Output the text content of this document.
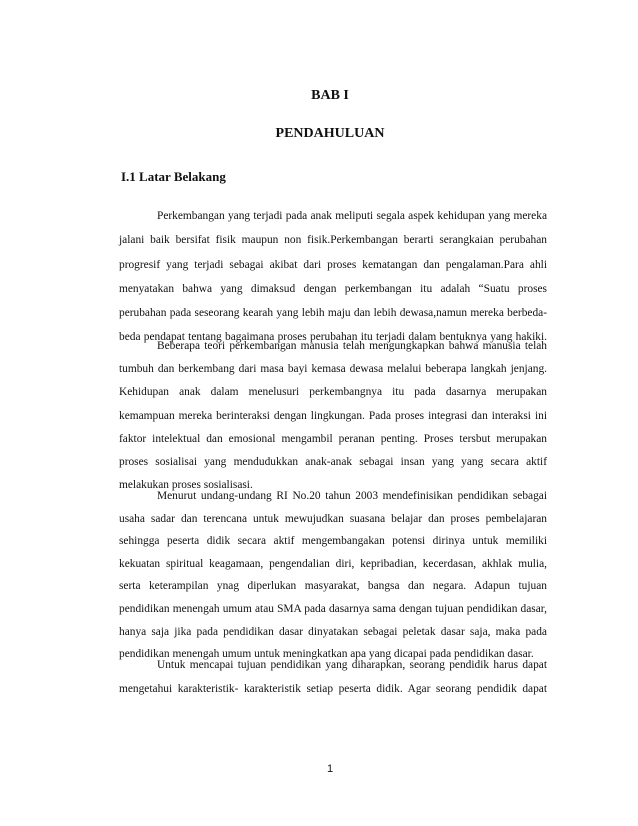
BAB I
PENDAHULUAN
I.1 Latar Belakang
Perkembangan yang terjadi pada anak meliputi segala aspek kehidupan yang mereka
jalani baik bersifat fisik maupun non fisik.Perkembangan berarti serangkaian perubahan
progresif yang terjadi sebagai akibat dari proses kematangan dan pengalaman.Para ahli
menyatakan bahwa yang dimaksud dengan perkembangan itu adalah “Suatu proses
perubahan pada seseorang kearah yang lebih maju dan lebih dewasa,namun mereka berbeda-
beda pendapat tentang bagaimana proses perubahan itu terjadi dalam bentuknya yang hakiki.
Beberapa teori perkembangan manusia telah mengungkapkan bahwa manusia telah
tumbuh dan berkembang dari masa bayi kemasa dewasa melalui beberapa langkah jenjang.
Kehidupan anak dalam menelusuri perkembangnya itu pada dasarnya merupakan
kemampuan mereka berinteraksi dengan lingkungan. Pada proses integrasi dan interaksi ini
faktor intelektual dan emosional mengambil peranan penting. Proses tersbut merupakan
proses sosialisai yang mendudukkan anak-anak sebagai insan yang yang secara aktif
melakukan proses sosialisasi.
Menurut undang-undang RI No.20 tahun 2003 mendefinisikan pendidikan sebagai
usaha sadar dan terencana untuk mewujudkan suasana belajar dan proses pembelajaran
sehingga peserta didik secara aktif mengembangakan potensi dirinya untuk memiliki
kekuatan spiritual keagamaan, pengendalian diri, kepribadian, kecerdasan, akhlak mulia,
serta keterampilan ynag diperlukan masyarakat, bangsa dan negara. Adapun tujuan
pendidikan menengah umum atau SMA pada dasarnya sama dengan tujuan pendidikan dasar,
hanya saja jika pada pendidikan dasar dinyatakan sebagai peletak dasar saja, maka pada
pendidikan menengah umum untuk meningkatkan apa yang dicapai pada pendidikan dasar.
Untuk mencapai tujuan pendidikan yang diharapkan, seorang pendidik harus dapat
mengetahui karakteristik- karakteristik setiap peserta didik. Agar seorang pendidik dapat
1
